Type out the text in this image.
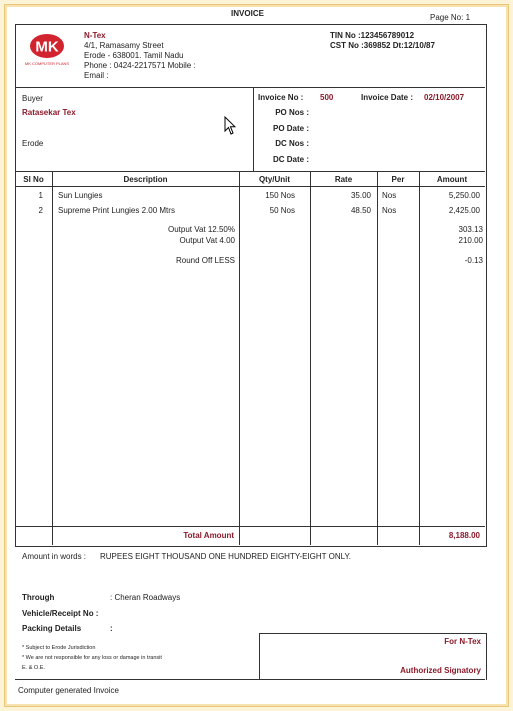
INVOICE	Page No: 1
MK
MK COMPUTER PLANS
N-Tex
4/1, Ramasamy Street
Erode - 638001. Tamil Nadu
Phone : 0424-2217571 Mobile :
Email :
TIN No :123456789012
CST No :369852 Dt:12/10/87
Buyer
Ratasekar Tex
Erode
Invoice No : 500	Invoice Date : 02/10/2007
PO Nos :
PO Date :
DC Nos :
DC Date :
Sl No	Description	Qty/Unit	Rate	Per	Amount
1 Sun Lungies	150 Nos	35.00 Nos	5,250.00
2 Supreme Print Lungies 2.00 Mtrs	50 Nos	48.50 Nos	2,425.00
Output Vat 12.50%	303.13
Output Vat 4.00	210.00
Round Off LESS	-0.13
Total Amount	8,188.00
Amount in words : RUPEES EIGHT THOUSAND ONE HUNDRED EIGHTY-EIGHT ONLY.
Through	: Cheran Roadways
Vehicle/Receipt No :
Packing Details	:
* Subject to Erode Jurisdiction
* We are not responsible for any loss or damage in transit
E. & O.E.
For N-Tex
Authorized Signatory
Computer generated Invoice
